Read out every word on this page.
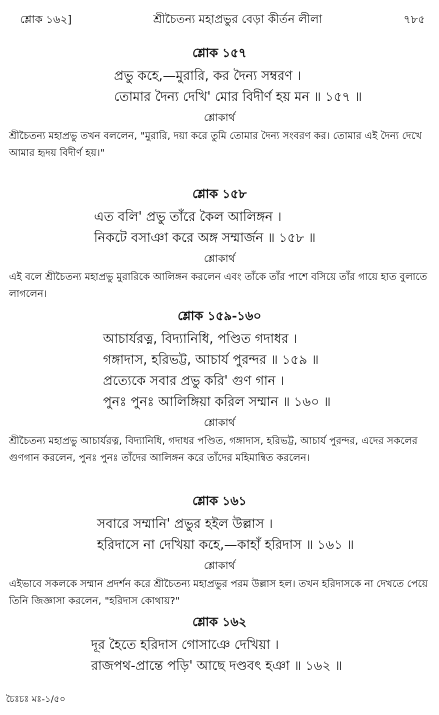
শ্লোক ১৬২]	শ্রীচৈতন্য মহাপ্রভুর বেড়া কীর্তন লীলা	৭৮৫
শ্লোক ১৫৭
প্রভু কহে,—মুরারি, কর দৈন্য সম্বরণ ।
তোমার দৈন্য দেখি' মোর বিদীর্ণ হয় মন ॥ ১৫৭ ॥
শ্লোকার্থ
শ্রীচৈতন্য মহাপ্রভু তখন বললেন, "মুরারি, দয়া করে তুমি তোমার দৈন্য সংবরণ কর। তোমার এই দৈন্য দেখে আমার হৃদয় বিদীর্ণ হয়।"
শ্লোক ১৫৮
এত বলি' প্রভু তাঁরে কৈল আলিঙ্গন ।
নিকটে বসাঞা করে অঙ্গ সম্মার্জন ॥ ১৫৮ ॥
শ্লোকার্থ
এই বলে শ্রীচৈতন্য মহাপ্রভু মুরারিকে আলিঙ্গন করলেন এবং তাঁকে তাঁর পাশে বসিয়ে তাঁর গায়ে হাত বুলাতে লাগলেন।
শ্লোক ১৫৯-১৬০
আচার্যরত্ন, বিদ্যানিধি, পণ্ডিত গদাধর ।
গঙ্গাদাস, হরিভট্ট, আচার্য পুরন্দর ॥ ১৫৯ ॥
প্রত্যেকে সবার প্রভু করি' গুণ গান ।
পুনঃ পুনঃ আলিঙ্গিয়া করিল সম্মান ॥ ১৬০ ॥
শ্লোকার্থ
শ্রীচৈতন্য মহাপ্রভু আচার্যরত্ন, বিদ্যানিধি, গদাধর পণ্ডিত, গঙ্গাদাস, হরিভট্ট, আচার্য পুরন্দর, এদের সকলের গুণগান করলেন, পুনঃ পুনঃ তাঁদের আলিঙ্গন করে তাঁদের মহিমান্বিত করলেন।
শ্লোক ১৬১
সবারে সম্মানি' প্রভুর হইল উল্লাস ।
হরিদাসে না দেখিয়া কহে,—কাহাঁ হরিদাস ॥ ১৬১ ॥
শ্লোকার্থ
এইভাবে সকলকে সম্মান প্রদর্শন করে শ্রীচৈতন্য মহাপ্রভুর পরম উল্লাস হল। তখন হরিদাসকে না দেখতে পেয়ে তিনি জিজ্ঞাসা করলেন, "হরিদাস কোথায়?"
শ্লোক ১৬২
দূর হৈতে হরিদাস গোসাঞে দেখিয়া ।
রাজপথ-প্রান্তে পড়ি' আছে দণ্ডবৎ হঞা ॥ ১৬২ ॥
চৈঃচঃ মঃ-১/৫০
